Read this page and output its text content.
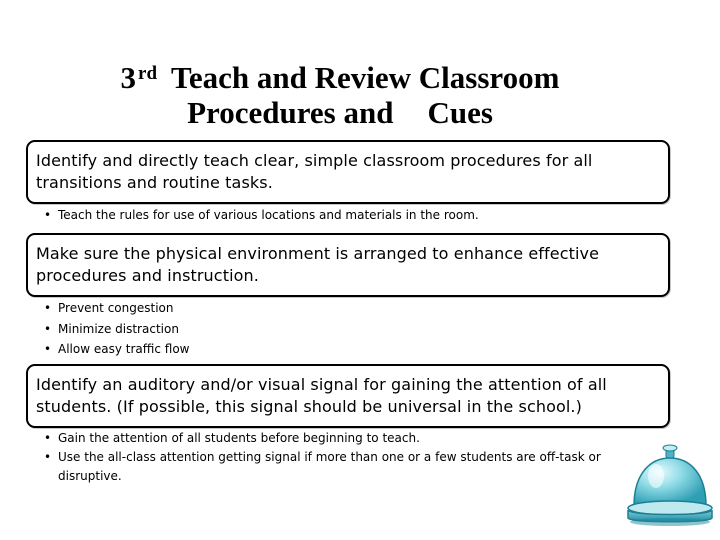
3 $^{rd}$ Teach and Review Classroom
Procedures and Cues
Identify and directly teach clear, simple classroom procedures for all transitions and routine tasks.
• Teach the rules for use of various locations and materials in the room.
Make sure the physical environment is arranged to enhance effective procedures and instruction.
• Prevent congestion
• Minimize distraction
• Allow easy traffic flow
Identify an auditory and/or visual signal for gaining the attention of all students. (If possible, this signal should be universal in the school.)
• Gain the attention of all students before beginning to teach.
• Use the all-class attention getting signal if more than one or a few students are off-task or disruptive.
